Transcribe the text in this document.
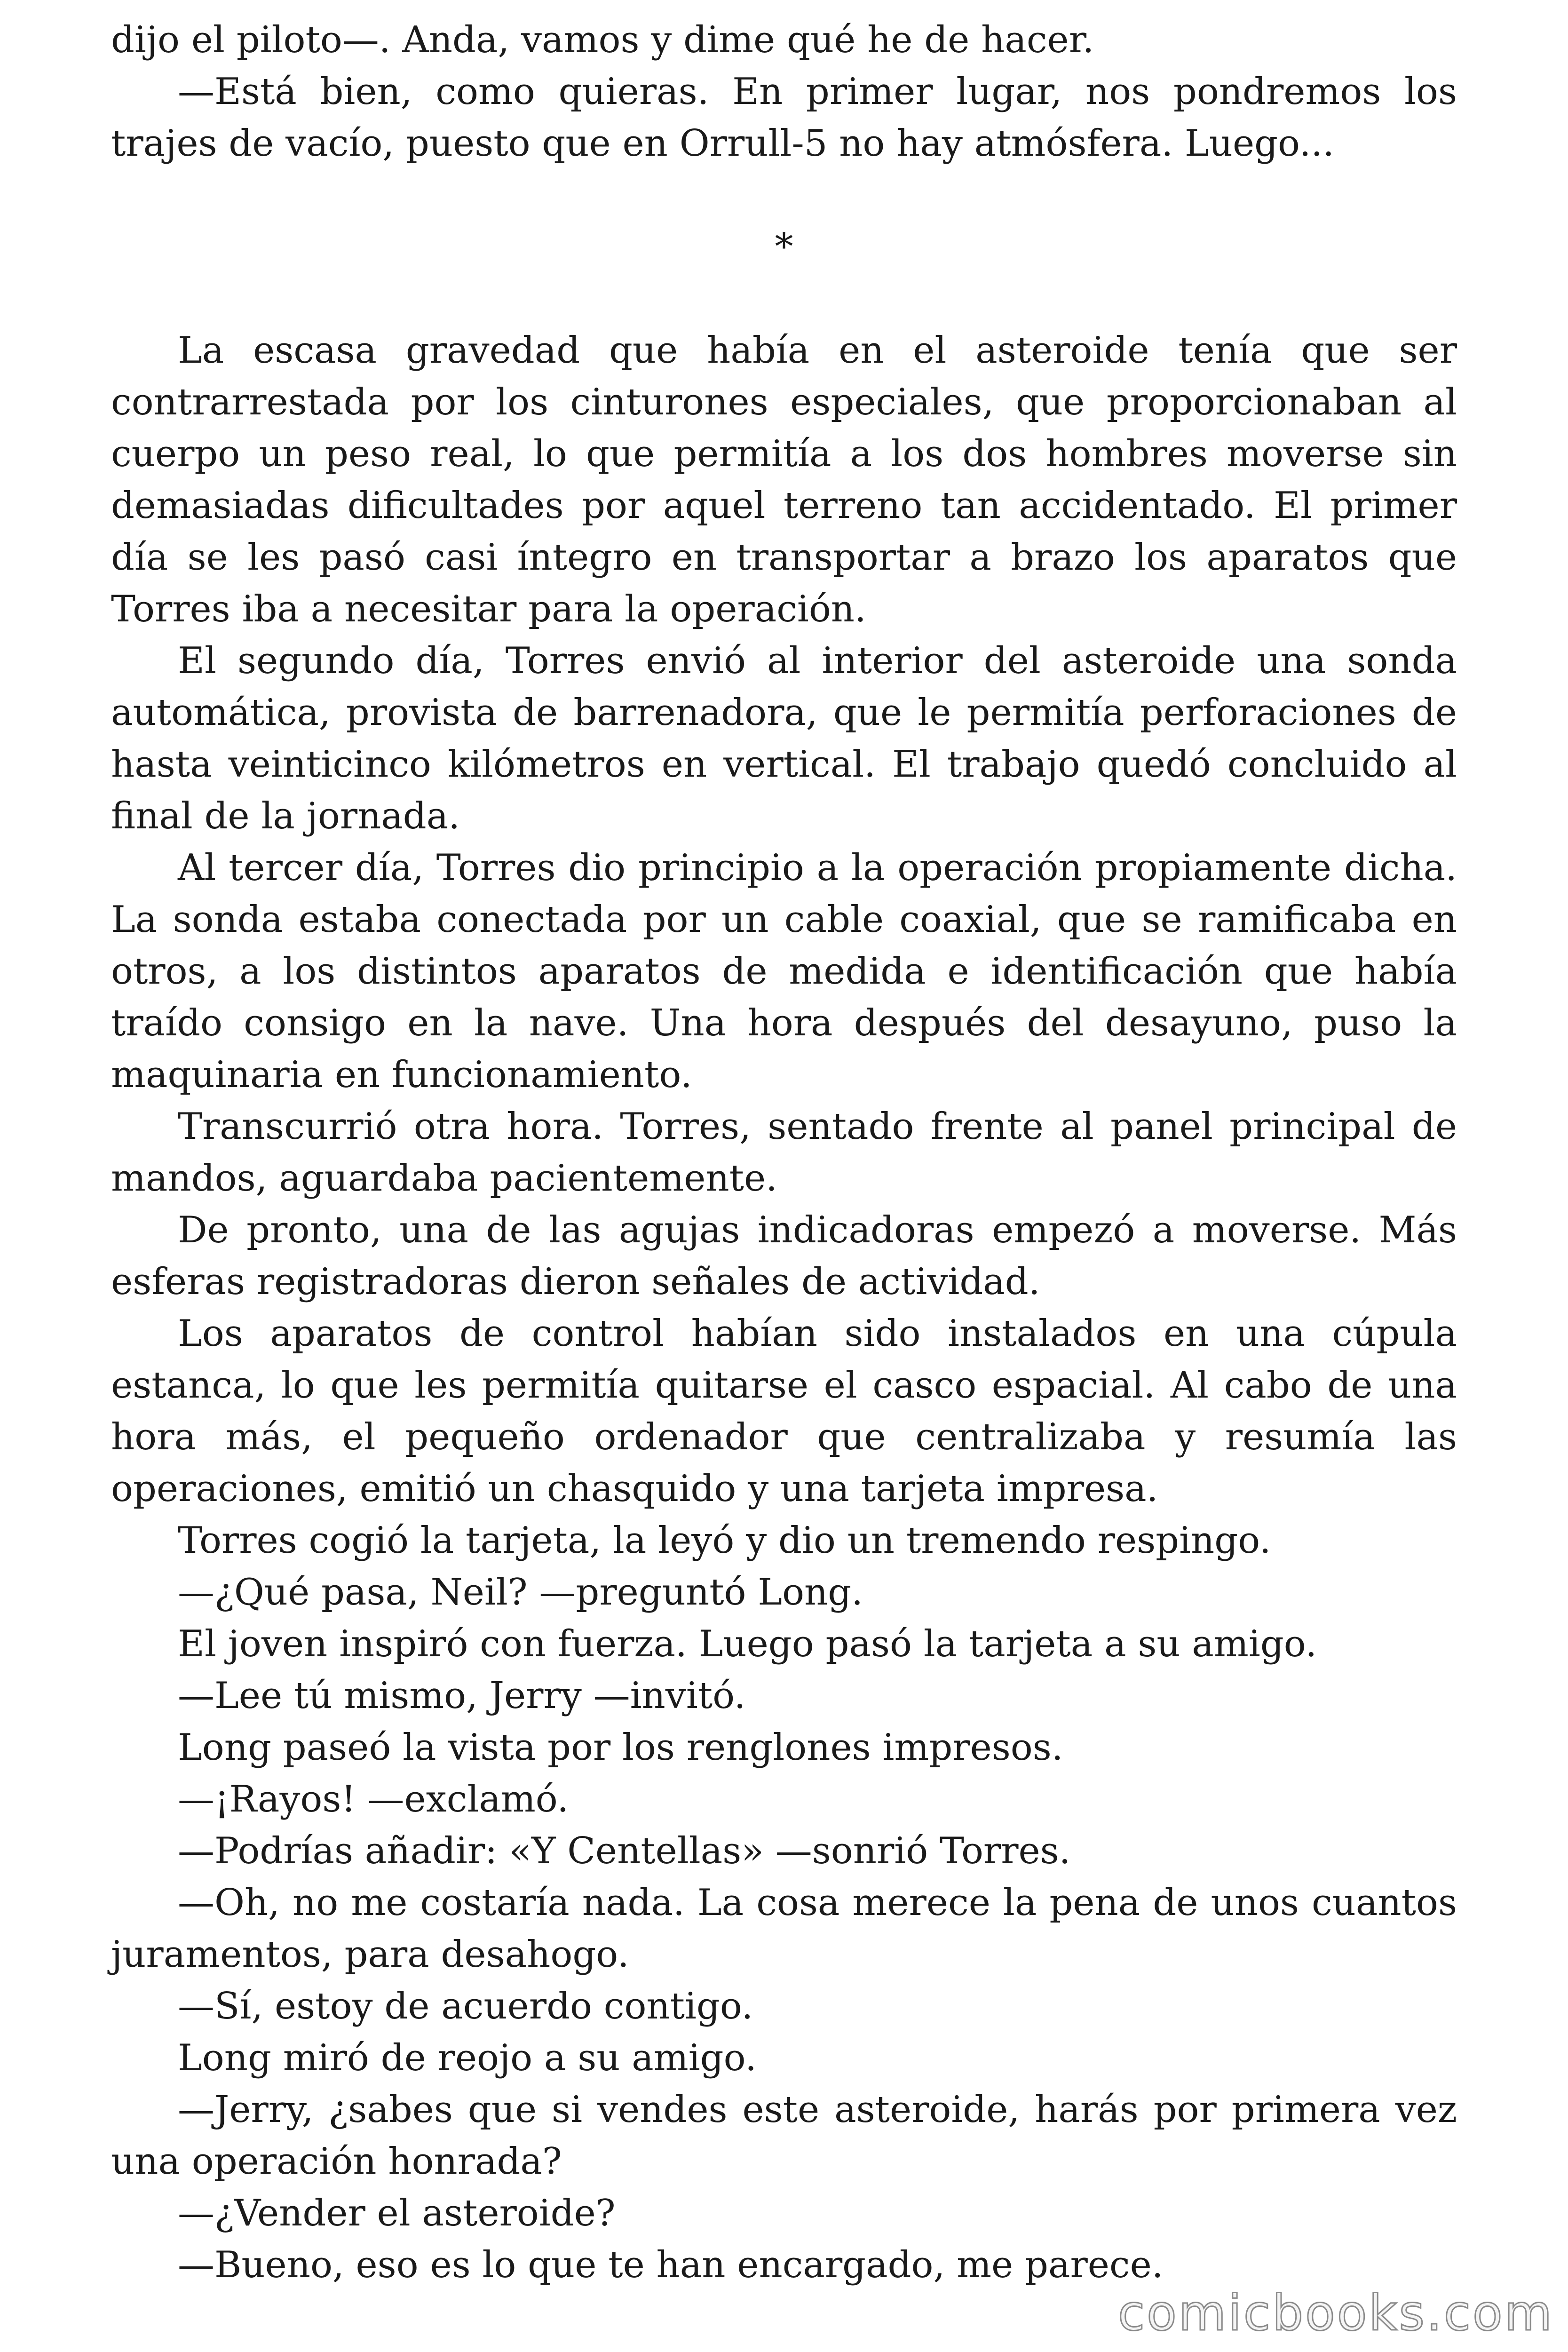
dijo el piloto—. Anda, vamos y dime qué he de hacer.

—Está bien, como quieras. En primer lugar, nos pondremos los trajes de vacío, puesto que en Orrull-5 no hay atmósfera. Luego...

*

La escasa gravedad que había en el asteroide tenía que ser contrarrestada por los cinturones especiales, que proporcionaban al cuerpo un peso real, lo que permitía a los dos hombres moverse sin demasiadas dificultades por aquel terreno tan accidentado. El primer día se les pasó casi íntegro en transportar a brazo los aparatos que Torres iba a necesitar para la operación.

El segundo día, Torres envió al interior del asteroide una sonda automática, provista de barrenadora, que le permitía perforaciones de hasta veinticinco kilómetros en vertical. El trabajo quedó concluido al final de la jornada.

Al tercer día, Torres dio principio a la operación propiamente dicha. La sonda estaba conectada por un cable coaxial, que se ramificaba en otros, a los distintos aparatos de medida e identificación que había traído consigo en la nave. Una hora después del desayuno, puso la maquinaria en funcionamiento.

Transcurrió otra hora. Torres, sentado frente al panel principal de mandos, aguardaba pacientemente.

De pronto, una de las agujas indicadoras empezó a moverse. Más esferas registradoras dieron señales de actividad.

Los aparatos de control habían sido instalados en una cúpula estanca, lo que les permitía quitarse el casco espacial. Al cabo de una hora más, el pequeño ordenador que centralizaba y resumía las operaciones, emitió un chasquido y una tarjeta impresa.

Torres cogió la tarjeta, la leyó y dio un tremendo respingo.

—¿Qué pasa, Neil? —preguntó Long.

El joven inspiró con fuerza. Luego pasó la tarjeta a su amigo.

—Lee tú mismo, Jerry —invitó.

Long paseó la vista por los renglones impresos.

—¡Rayos! —exclamó.

—Podrías añadir: «Y Centellas» —sonrió Torres.

—Oh, no me costaría nada. La cosa merece la pena de unos cuantos juramentos, para desahogo.

—Sí, estoy de acuerdo contigo.

Long miró de reojo a su amigo.

—Jerry, ¿sabes que si vendes este asteroide, harás por primera vez una operación honrada?

—¿Vender el asteroide?

—Bueno, eso es lo que te han encargado, me parece.

comicbooks.com
